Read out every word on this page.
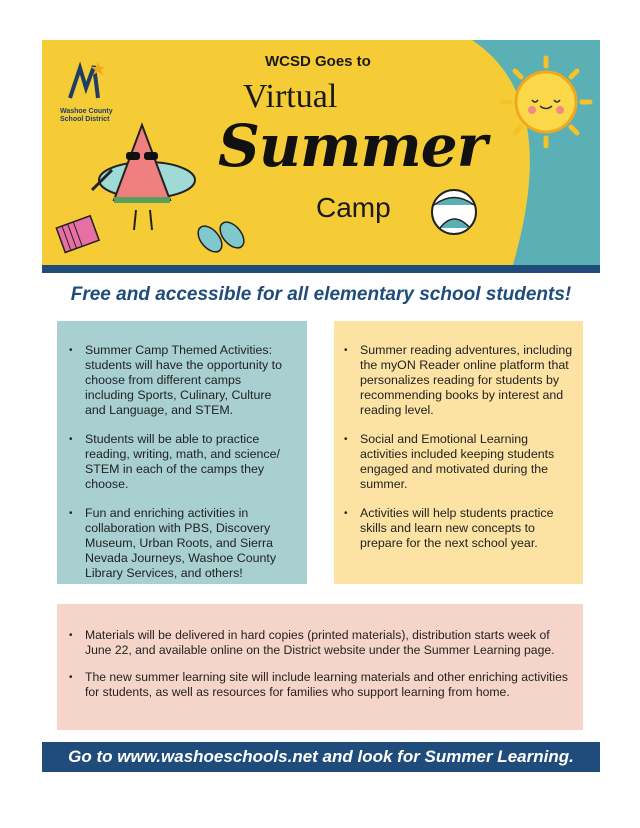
Washoe County
School District
WCSD Goes to
Virtual
Summer
Camp
Free and accessible for all elementary school students!
• Summer Camp Themed Activities: students will have the opportunity to choose from different camps including Sports, Culinary, Culture and Language, and STEM.
• Students will be able to practice reading, writing, math, and science/ STEM in each of the camps they choose.
• Fun and enriching activities in collaboration with PBS, Discovery Museum, Urban Roots, and Sierra Nevada Journeys, Washoe County Library Services, and others!
• Summer reading adventures, including the myON Reader online platform that personalizes reading for students by recommending books by interest and reading level.
• Social and Emotional Learning activities included keeping students engaged and motivated during the summer.
• Activities will help students practice skills and learn new concepts to prepare for the next school year.
• Materials will be delivered in hard copies (printed materials), distribution starts week of June 22, and available online on the District website under the Summer Learning page.
• The new summer learning site will include learning materials and other enriching activities for students, as well as resources for families who support learning from home.
Go to www.washoeschools.net and look for Summer Learning.
